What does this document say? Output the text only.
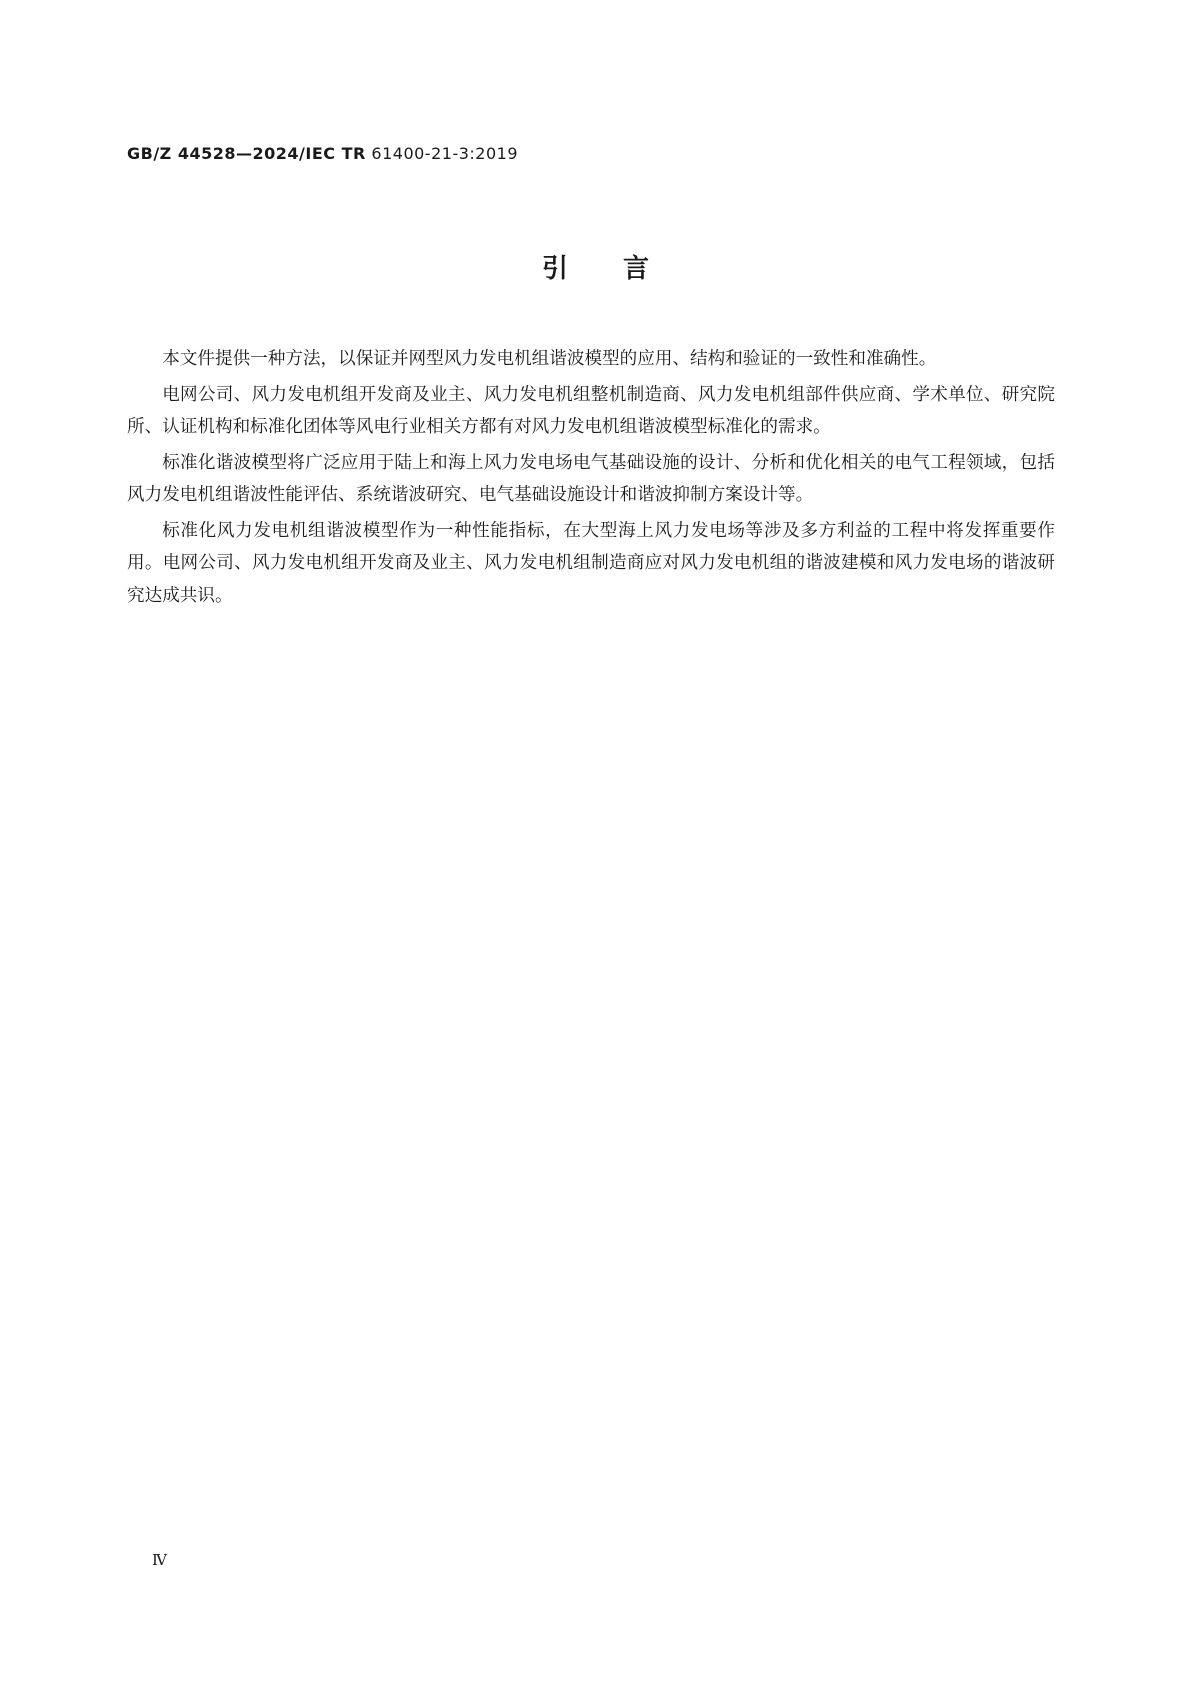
GB/Z 44528—2024/IEC TR 61400-21-3:2019
引言

本文件提供一种方法，以保证并网型风力发电机组谐波模型的应用、结构和验证的一致性和准确性。

电网公司、风力发电机组开发商及业主、风力发电机组整机制造商、风力发电机组部件供应商、学术单位、研究院所、认证机构和标准化团体等风电行业相关方都有对风力发电机组谐波模型标准化的需求。

标准化谐波模型将广泛应用于陆上和海上风力发电场电气基础设施的设计、分析和优化相关的电气工程领域，包括风力发电机组谐波性能评估、系统谐波研究、电气基础设施设计和谐波抑制方案设计等。

标准化风力发电机组谐波模型作为一种性能指标，在大型海上风力发电场等涉及多方利益的工程中将发挥重要作用。电网公司、风力发电机组开发商及业主、风力发电机组制造商应对风力发电机组的谐波建模和风力发电场的谐波研究达成共识。

Ⅳ
